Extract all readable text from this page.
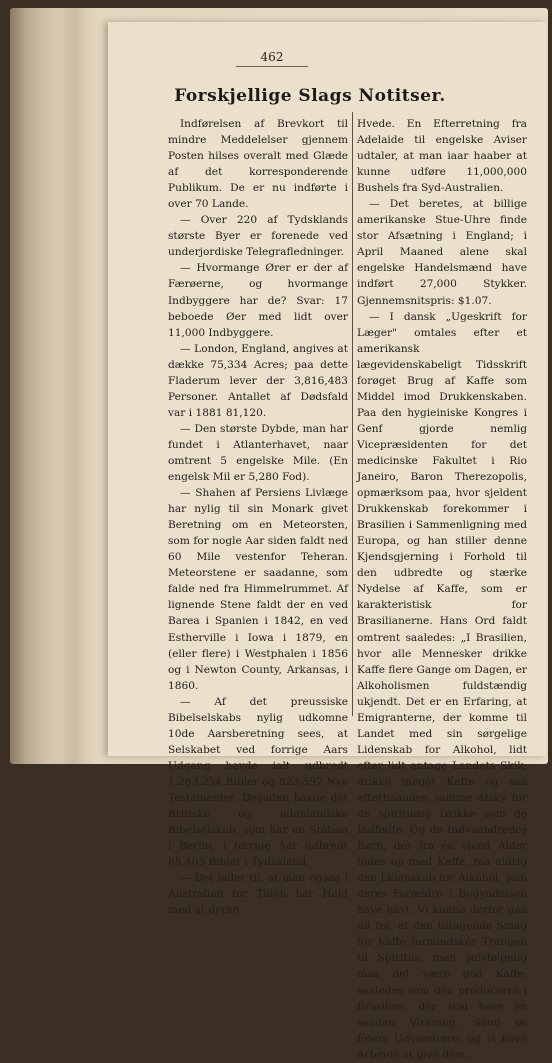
462
Forskjellige Slags Notitser.

Indførelsen af Brevkort til mindre Meddelelser gjennem Posten hilses overalt med Glæde af det korresponderende Publikum. De er nu indførte i over 70 Lande.

— Over 220 af Tydsklands største Byer er forenede ved underjordiske Telegrafledninger.

— Hvormange Ører er der af Færøerne, og hvormange Indbyggere har de? Svar: 17 beboede Øer med lidt over 11,000 Indbyggere.

— London, England, angives at dække 75,334 Acres; paa dette Fladerum lever der 3,816,483 Personer. Antallet af Dødsfald var i 1881 81,120.

— Den største Dybde, man har fundet i Atlanterhavet, naar omtrent 5 engelske Mile. (En engelsk Mil er 5,280 Fod).

— Shahen af Persiens Livlæge har nylig til sin Monark givet Beretning om en Meteorsten, som for nogle Aar siden faldt ned 60 Mile vestenfor Teheran. Meteorstene er saadanne, som falde ned fra Himmelrummet. Af lignende Stene faldt der en ved Barea i Spanien i 1842, en ved Estherville i Iowa i 1879, en (eller flere) i Westphalen i 1856 og i Newton County, Arkansas, i 1860.

— Af det preussiske Bibelselskabs nylig udkomne 10de Aarsberetning sees, at Selskabet ved forrige Aars Udgang havde ialt udbredt 1,283,254 Bibler og 823,597 Nye Testamenter. Desuden havde det Britiske og udenlandske Bibelselskab, som har en Station i Berlin, i forrige Aar udbredt 85,405 Bibler i Tydskland.

— Det lader til, at man ogsaa i Australien for Tiden har Held med at dyrke

Hvede. En Efterretning fra Adelaide til engelske Aviser udtaler, at man iaar haaber at kunne udføre 11,000,000 Bushels fra Syd-Australien.

— Det beretes, at billige amerikanske Stue-Uhre finde stor Afsætning i England; i April Maaned alene skal engelske Handelsmænd have indført 27,000 Stykker. Gjennemsnitspris: $1.07.

— I dansk „Ugeskrift for Læger" omtales efter et amerikansk lægevidenskabeligt Tidsskrift forøget Brug af Kaffe som Middel imod Drukkenskaben. Paa den hygieiniske Kongres i Genf gjorde nemlig Vicepræsidenten for det medicinske Fakultet i Rio Janeiro, Baron Therezopolis, opmærksom paa, hvor sjeldent Drukkenskab forekommer i Brasilien i Sammenligning med Europa, og han stiller denne Kjendsgjerning i Forhold til den udbredte og stærke Nydelse af Kaffe, som er karakteristisk for Brasilianerne. Hans Ord faldt omtrent saaledes: „I Brasilien, hvor alle Mennesker drikke Kaffe flere Gange om Dagen, er Alkoholismen fuldstændig ukjendt. Det er en Erfaring, at Emigranterne, der komme til Landet med sin sørgelige Lidenskab for Alkohol, lidt efter lidt antage Landets Skik, drikke meget Kaffe og saa efterhaanden samme Afsky for de spirituøse Drikke som de Indfødte. Og de Indvaandredes Børn, der fra en spæd Alder fødes op med Kaffe, faa aldrig den Lidenskab for Alkohol, som deres Forældre i Begyndelsen have havt. Vi kunne derfor gaa ud fra, at den tiltagende Smag for Kaffe formindsker Trangen til Spiritus, men selvfølgelig maa det være god Kaffe, saaledes som den produceres i Brasilien, der skal have en saadan Virkning. Send os Eders Udvandrere, og vi have Arbeide at give dem.
